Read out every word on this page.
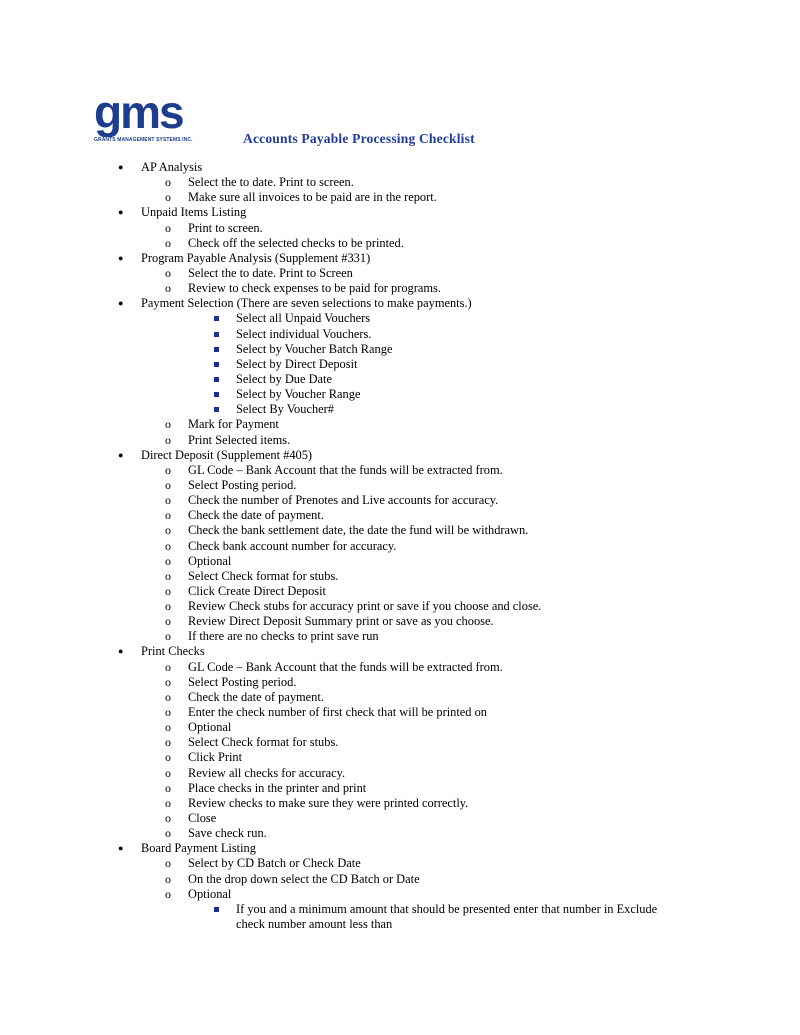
gms
GRANTS MANAGEMENT SYSTEMS INC.	Accounts Payable Processing Checklist
● AP Analysis
o Select the to date. Print to screen.
o Make sure all invoices to be paid are in the report.
● Unpaid Items Listing
o Print to screen.
o Check off the selected checks to be printed.
● Program Payable Analysis (Supplement #331)
o Select the to date. Print to Screen
o Review to check expenses to be paid for programs.
● Payment Selection (There are seven selections to make payments.)
Select all Unpaid Vouchers
Select individual Vouchers.
Select by Voucher Batch Range
Select by Direct Deposit
Select by Due Date
Select by Voucher Range
Select By Voucher#
o Mark for Payment
o Print Selected items.
● Direct Deposit (Supplement #405)
o GL Code – Bank Account that the funds will be extracted from.
o Select Posting period.
o Check the number of Prenotes and Live accounts for accuracy.
o Check the date of payment.
o Check the bank settlement date, the date the fund will be withdrawn.
o Check bank account number for accuracy.
o Optional
o Select Check format for stubs.
o Click Create Direct Deposit
o Review Check stubs for accuracy print or save if you choose and close.
o Review Direct Deposit Summary print or save as you choose.
o If there are no checks to print save run
● Print Checks
o GL Code – Bank Account that the funds will be extracted from.
o Select Posting period.
o Check the date of payment.
o Enter the check number of first check that will be printed on
o Optional
o Select Check format for stubs.
o Click Print
o Review all checks for accuracy.
o Place checks in the printer and print
o Review checks to make sure they were printed correctly.
o Close
o Save check run.
● Board Payment Listing
o Select by CD Batch or Check Date
o On the drop down select the CD Batch or Date
o Optional
If you and a minimum amount that should be presented enter that number in Exclude
check number amount less than
